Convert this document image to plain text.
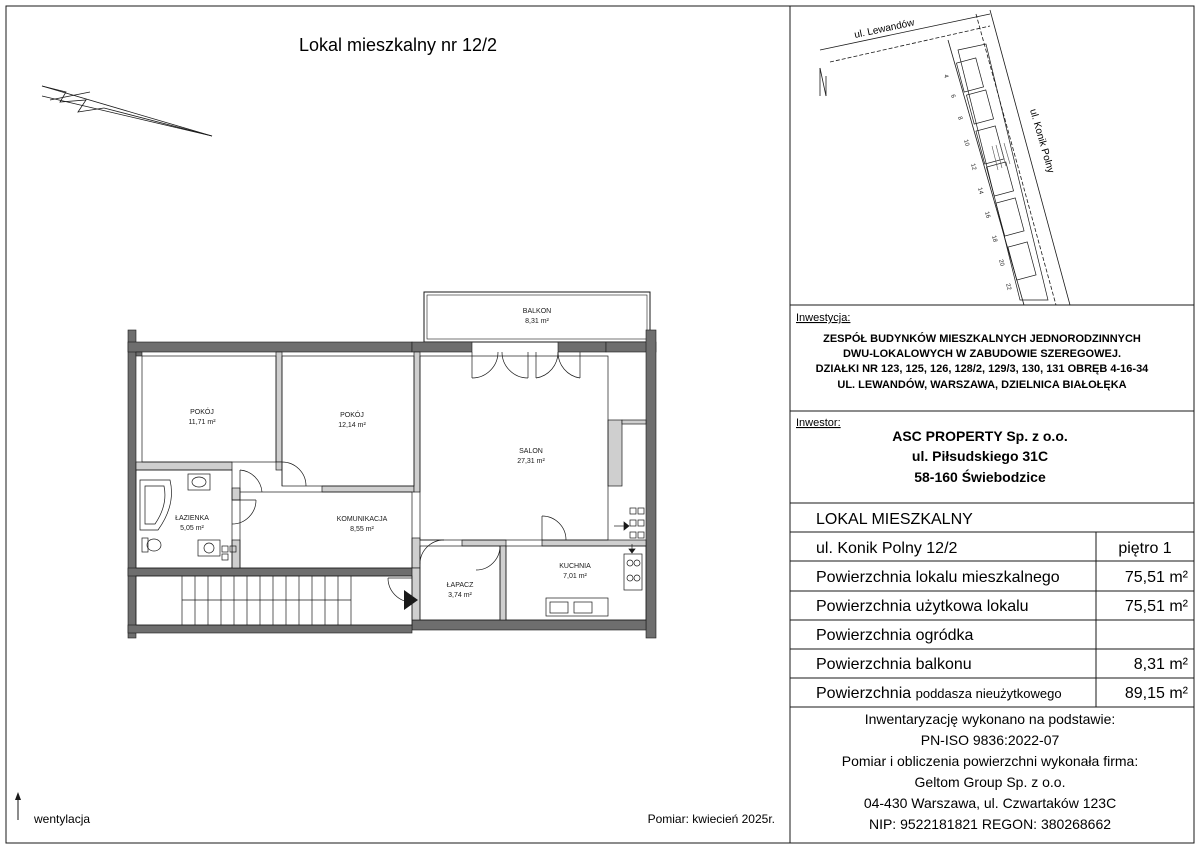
Lokal mieszkalny nr 12/2
BALKON
8,31 m²
POKÓJ
11,71 m²
POKÓJ
12,14 m²
SALON
27,31 m²
ŁAZIENKA
5,05 m²
KOMUNIKACJA
8,55 m²
KUCHNIA
7,01 m²
ŁAPACZ
3,74 m²
wentylacja	Pomiar: kwiecień 2025r.
ul. Lewandów
ul. Konik Polny
4
6
8
10
12
14
16
18
20
22
Inwestycja:
ZESPÓŁ BUDYNKÓW MIESZKALNYCH JEDNORODZINNYCH
DWU-LOKALOWYCH W ZABUDOWIE SZEREGOWEJ.
DZIAŁKI NR 123, 125, 126, 128/2, 129/3, 130, 131 OBRĘB 4-16-34
UL. LEWANDÓW, WARSZAWA, DZIELNICA BIAŁOŁĘKA
Inwestor:
ASC PROPERTY Sp. z o.o.
ul. Piłsudskiego 31C
58-160 Świebodzice
LOKAL MIESZKALNY
ul. Konik Polny 12/2	piętro 1
Powierzchnia lokalu mieszkalnego	75,51 m²
Powierzchnia użytkowa lokalu	75,51 m²
Powierzchnia ogródka
Powierzchnia balkonu	8,31 m²
Powierzchnia poddasza nieużytkowego	89,15 m²
Inwentaryzację wykonano na podstawie:
PN-ISO 9836:2022-07
Pomiar i obliczenia powierzchni wykonała firma:
Geltom Group Sp. z o.o.
04-430 Warszawa, ul. Czwartaków 123C
NIP: 9522181821 REGON: 380268662
